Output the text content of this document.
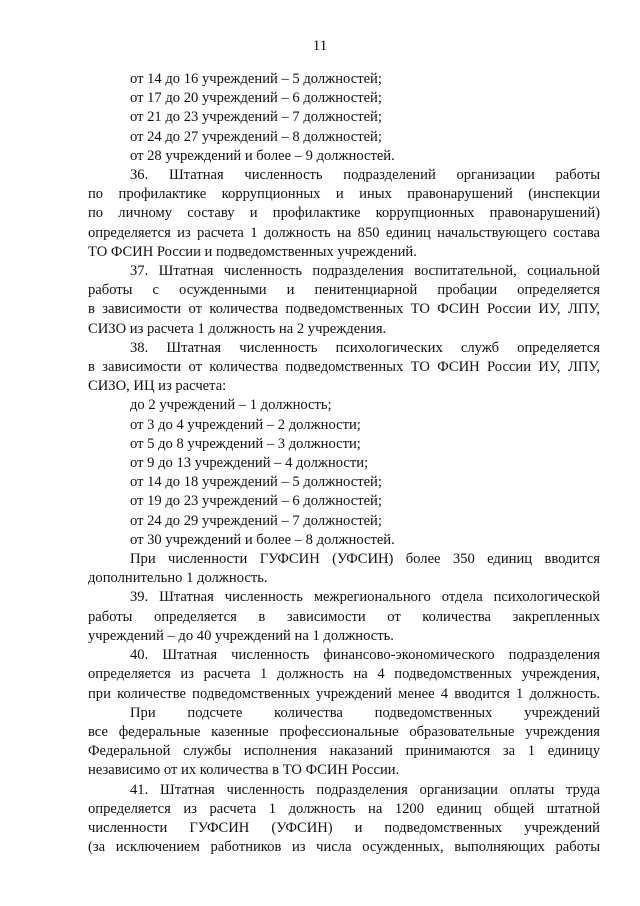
11
от 14 до 16 учреждений – 5 должностей;
от 17 до 20 учреждений – 6 должностей;
от 21 до 23 учреждений – 7 должностей;
от 24 до 27 учреждений – 8 должностей;
от 28 учреждений и более – 9 должностей.
36. Штатная численность подразделений организации работы
по профилактике коррупционных и иных правонарушений (инспекции
по личному составу и профилактике коррупционных правонарушений)
определяется из расчета 1 должность на 850 единиц начальствующего состава
ТО ФСИН России и подведомственных учреждений.
37. Штатная численность подразделения воспитательной, социальной
работы с осужденными и пенитенциарной пробации определяется
в зависимости от количества подведомственных ТО ФСИН России ИУ, ЛПУ,
СИЗО из расчета 1 должность на 2 учреждения.
38. Штатная численность психологических служб определяется
в зависимости от количества подведомственных ТО ФСИН России ИУ, ЛПУ,
СИЗО, ИЦ из расчета:
до 2 учреждений – 1 должность;
от 3 до 4 учреждений – 2 должности;
от 5 до 8 учреждений – 3 должности;
от 9 до 13 учреждений – 4 должности;
от 14 до 18 учреждений – 5 должностей;
от 19 до 23 учреждений – 6 должностей;
от 24 до 29 учреждений – 7 должностей;
от 30 учреждений и более – 8 должностей.
При численности ГУФСИН (УФСИН) более 350 единиц вводится
дополнительно 1 должность.
39. Штатная численность межрегионального отдела психологической
работы определяется в зависимости от количества закрепленных
учреждений – до 40 учреждений на 1 должность.
40. Штатная численность финансово-экономического подразделения
определяется из расчета 1 должность на 4 подведомственных учреждения,
при количестве подведомственных учреждений менее 4 вводится 1 должность.
При подсчете количества подведомственных учреждений
все федеральные казенные профессиональные образовательные учреждения
Федеральной службы исполнения наказаний принимаются за 1 единицу
независимо от их количества в ТО ФСИН России.
41. Штатная численность подразделения организации оплаты труда
определяется из расчета 1 должность на 1200 единиц общей штатной
численности ГУФСИН (УФСИН) и подведомственных учреждений
(за исключением работников из числа осужденных, выполняющих работы
